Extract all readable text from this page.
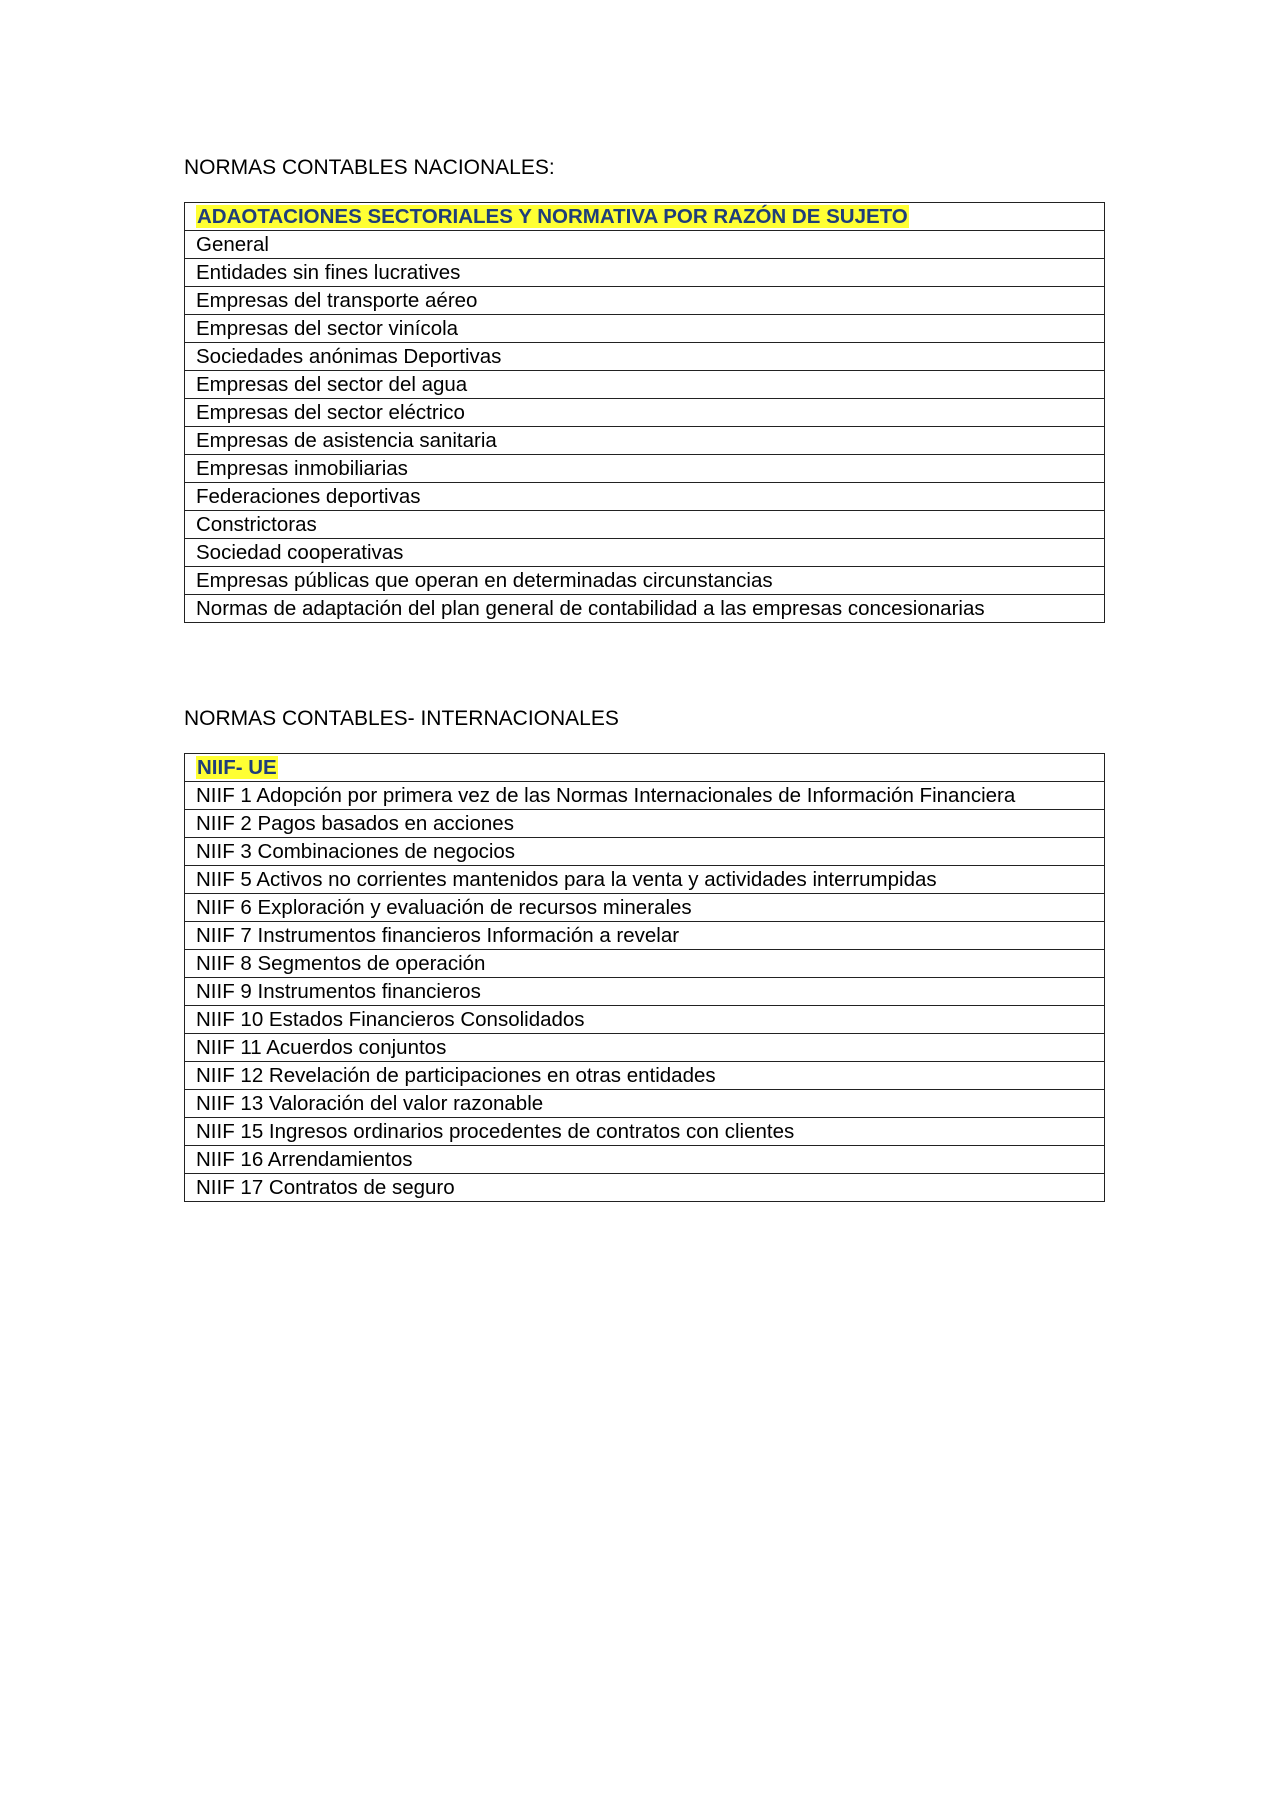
NORMAS CONTABLES NACIONALES:
ADAOTACIONES SECTORIALES Y NORMATIVA POR RAZÓN DE SUJETO
General
Entidades sin fines lucratives
Empresas del transporte aéreo
Empresas del sector vinícola
Sociedades anónimas Deportivas
Empresas del sector del agua
Empresas del sector eléctrico
Empresas de asistencia sanitaria
Empresas inmobiliarias
Federaciones deportivas
Constrictoras
Sociedad cooperativas
Empresas públicas que operan en determinadas circunstancias
Normas de adaptación del plan general de contabilidad a las empresas concesionarias
NORMAS CONTABLES- INTERNACIONALES
NIIF- UE
NIIF 1 Adopción por primera vez de las Normas Internacionales de Información Financiera
NIIF 2 Pagos basados en acciones
NIIF 3 Combinaciones de negocios
NIIF 5 Activos no corrientes mantenidos para la venta y actividades interrumpidas
NIIF 6 Exploración y evaluación de recursos minerales
NIIF 7 Instrumentos financieros Información a revelar
NIIF 8 Segmentos de operación
NIIF 9 Instrumentos financieros
NIIF 10 Estados Financieros Consolidados
NIIF 11 Acuerdos conjuntos
NIIF 12 Revelación de participaciones en otras entidades
NIIF 13 Valoración del valor razonable
NIIF 15 Ingresos ordinarios procedentes de contratos con clientes
NIIF 16 Arrendamientos
NIIF 17 Contratos de seguro
